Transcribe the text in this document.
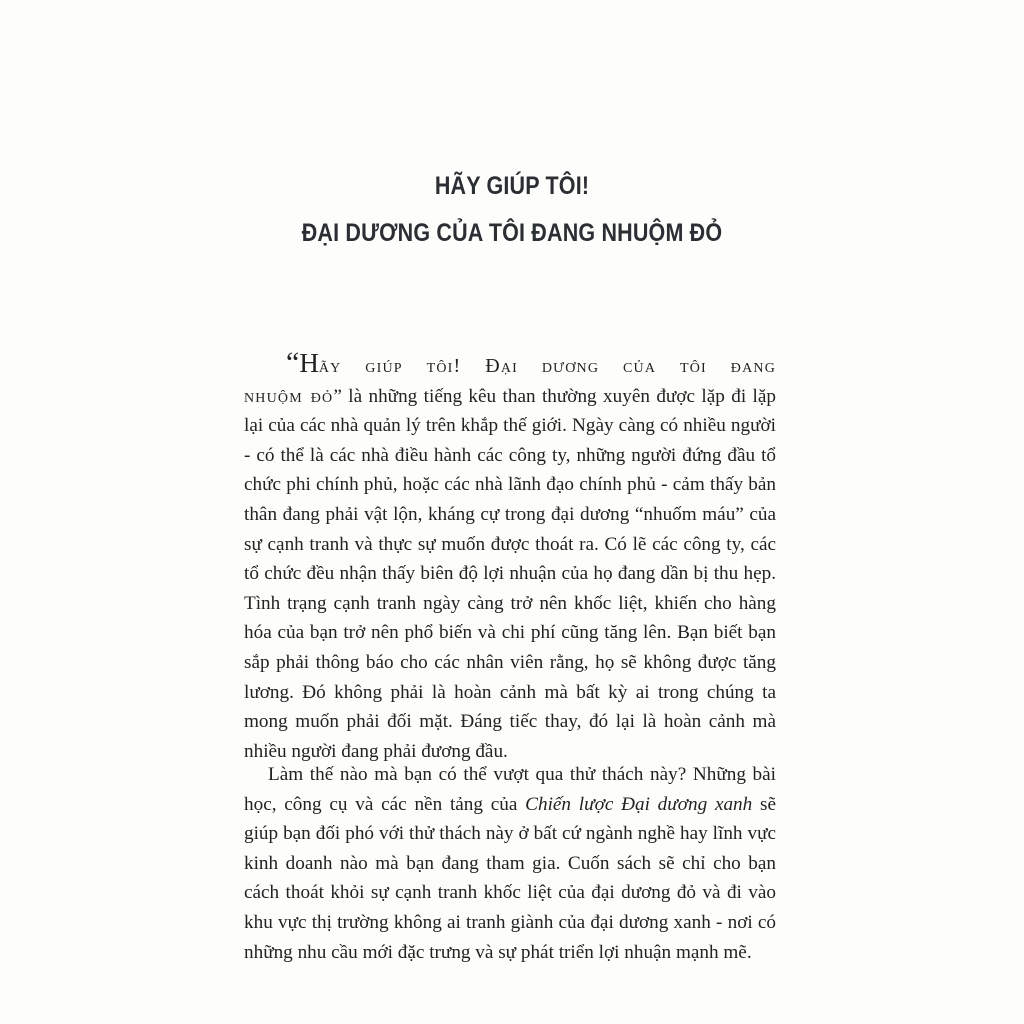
HÃY GIÚP TÔI!
ĐẠI DƯƠNG CỦA TÔI ĐANG NHUỘM ĐỎ

“Hãy giúp tôi! Đại dương của tôi đang
nhuộm đỏ” là những tiếng kêu than thường xuyên được lặp đi lặp lại của các nhà quản lý trên khắp thế giới. Ngày càng có nhiều người - có thể là các nhà điều hành các công ty, những người đứng đầu tổ chức phi chính phủ, hoặc các nhà lãnh đạo chính phủ - cảm thấy bản thân đang phải vật lộn, kháng cự trong đại dương “nhuốm máu” của sự cạnh tranh và thực sự muốn được thoát ra. Có lẽ các công ty, các tổ chức đều nhận thấy biên độ lợi nhuận của họ đang dần bị thu hẹp. Tình trạng cạnh tranh ngày càng trở nên khốc liệt, khiến cho hàng hóa của bạn trở nên phổ biến và chi phí cũng tăng lên. Bạn biết bạn sắp phải thông báo cho các nhân viên rằng, họ sẽ không được tăng lương. Đó không phải là hoàn cảnh mà bất kỳ ai trong chúng ta mong muốn phải đối mặt. Đáng tiếc thay, đó lại là hoàn cảnh mà nhiều người đang phải đương đầu.

Làm thế nào mà bạn có thể vượt qua thử thách này? Những bài học, công cụ và các nền tảng của Chiến lược Đại dương xanh sẽ giúp bạn đối phó với thử thách này ở bất cứ ngành nghề hay lĩnh vực kinh doanh nào mà bạn đang tham gia. Cuốn sách sẽ chỉ cho bạn cách thoát khỏi sự cạnh tranh khốc liệt của đại dương đỏ và đi vào khu vực thị trường không ai tranh giành của đại dương xanh - nơi có những nhu cầu mới đặc trưng và sự phát triển lợi nhuận mạnh mẽ.
